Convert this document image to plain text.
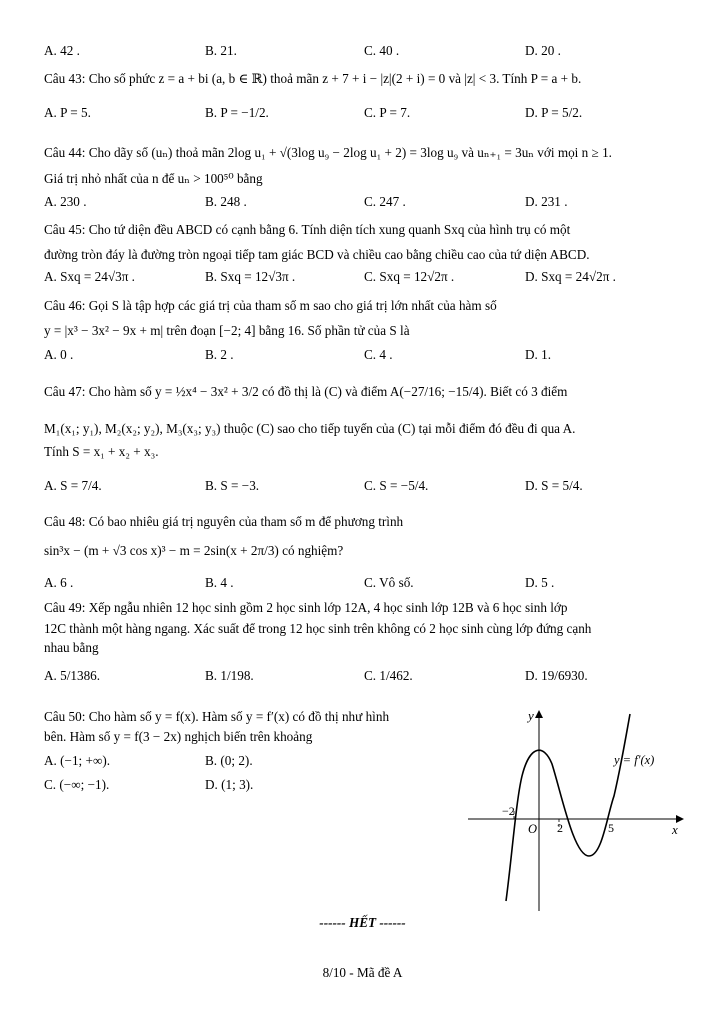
A. 42 .	B. 21.	C. 40 .	D. 20 .
Câu 43: Cho số phức z = a + bi (a, b ∈ ℝ) thoả mãn z + 7 + i − |z|(2 + i) = 0 và |z| < 3. Tính P = a + b.
A. P = 5.	B. P = −1/2.	C. P = 7.	D. P = 5/2.
Câu 44: Cho dãy số (uₙ) thoả mãn 2log u₁ + √(3log u₉ − 2log u₁ + 2) = 3log u₉ và uₙ₊₁ = 3uₙ với mọi n ≥ 1.
Giá trị nhỏ nhất của n để uₙ > 100⁵⁰ bằng
A. 230 .	B. 248 .	C. 247 .	D. 231 .
Câu 45: Cho tứ diện đều ABCD có cạnh bằng 6. Tính diện tích xung quanh Sxq của hình trụ có một
đường tròn đáy là đường tròn ngoại tiếp tam giác BCD và chiều cao bằng chiều cao của tứ diện ABCD.
A. Sxq = 24√3π .	B. Sxq = 12√3π .	C. Sxq = 12√2π .	D. Sxq = 24√2π .
Câu 46: Gọi S là tập hợp các giá trị của tham số m sao cho giá trị lớn nhất của hàm số
y = |x³ − 3x² − 9x + m| trên đoạn [−2; 4] bằng 16. Số phần tử của S là
A. 0 .	B. 2 .	C. 4 .	D. 1.
Câu 47: Cho hàm số y = ½x⁴ − 3x² + 3/2 có đồ thị là (C) và điểm A(−27/16; −15/4). Biết có 3 điểm
M₁(x₁; y₁), M₂(x₂; y₂), M₃(x₃; y₃) thuộc (C) sao cho tiếp tuyến của (C) tại mỗi điểm đó đều đi qua A.
Tính S = x₁ + x₂ + x₃.
A. S = 7/4.	B. S = −3.	C. S = −5/4.	D. S = 5/4.
Câu 48: Có bao nhiêu giá trị nguyên của tham số m để phương trình
sin³x − (m + √3 cos x)³ − m = 2sin(x + 2π/3) có nghiệm?
A. 6 .	B. 4 .	C. Vô số.	D. 5 .
Câu 49: Xếp ngẫu nhiên 12 học sinh gồm 2 học sinh lớp 12A, 4 học sinh lớp 12B và 6 học sinh lớp
12C thành một hàng ngang. Xác suất để trong 12 học sinh trên không có 2 học sinh cùng lớp đứng cạnh
nhau bằng
A. 5/1386.	B. 1/198.	C. 1/462.	D. 19/6930.
Câu 50: Cho hàm số y = f(x). Hàm số y = f′(x) có đồ thị như hình
bên. Hàm số y = f(3 − 2x) nghịch biến trên khoảng
A. (−1; +∞).	B. (0; 2).
C. (−∞; −1).	D. (1; 3).
y
x
y = f′(x)
O
−2
2	5
------ HẾT ------
8/10 - Mã đề A
